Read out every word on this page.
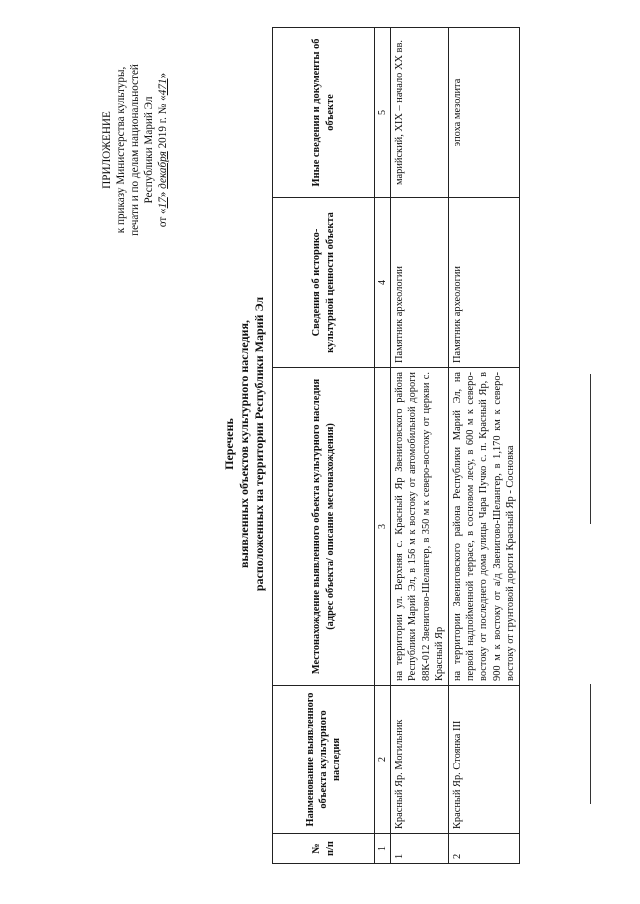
ПРИЛОЖЕНИЕ к приказу Министерства культуры, печати и по делам национальностей Республики Марий Эл
от «17» декабря 2019 г. № «471»
Перечень выявленных объектов культурного наследия, расположенных на территории Республики Марий Эл
№ п/п	Наименование выявленного объекта культурного наследия	Местонахождение выявленного объекта культурного наследия (адрес объекта/ описание местонахождения)	Сведения об историко-культурной ценности объекта	Иные сведения и документы об объекте
1	2	3	4	5
1	Красный Яр. Могильник	на территории ул. Верхняя с. Красный Яр Звениговского района Республики Марий Эл, в 156 м к востоку от автомобильной дороги 88К-012 Звенигово-Шелангер, в 350 м к северо-востоку от церкви с. Красный Яр	Памятник археологии	марийский, XIX – начало XX вв.
2	Красный Яр. Стоянка III	на территории Звениговского района Республики Марий Эл, на первой надпойменной террасе, в сосновом лесу, в 600 м к северо-востоку от последнего дома улицы Чара Пучко с. п. Красный Яр, в 900 м к востоку от а/д Звенигово-Шелангер, в 1,170 км к северо-востоку от грунтовой дороги Красный Яр - Сосновка	Памятник археологии	эпоха мезолита
